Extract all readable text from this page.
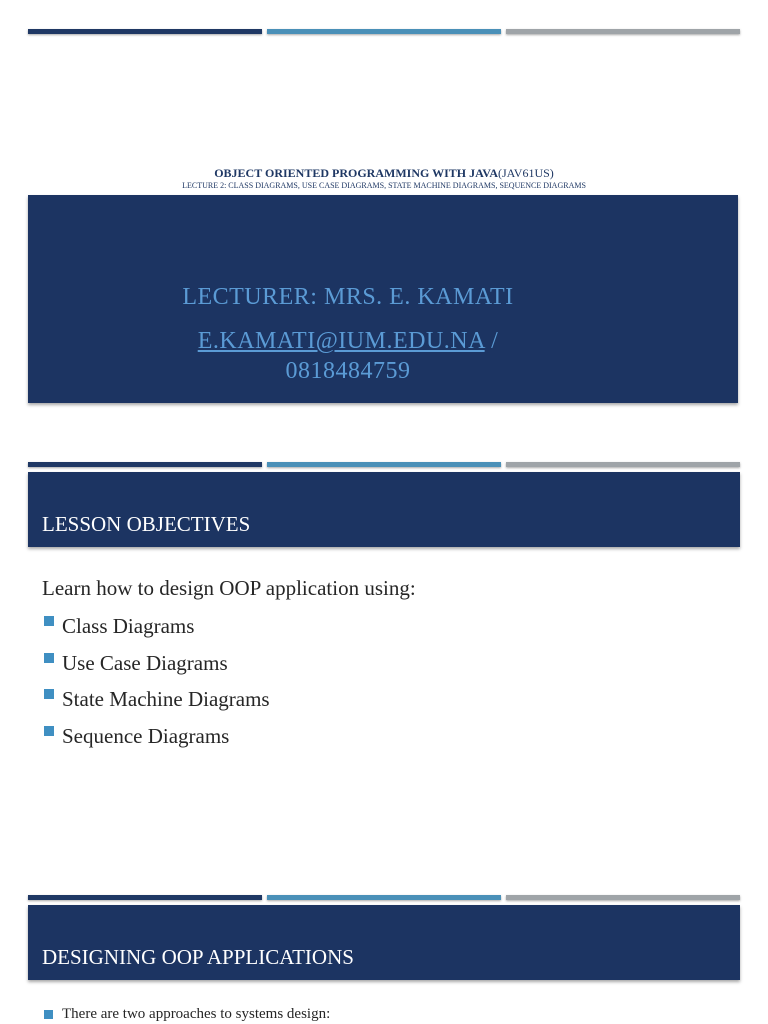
OBJECT ORIENTED PROGRAMMING WITH JAVA(JAV61US)
LECTURE 2: CLASS DIAGRAMS, USE CASE DIAGRAMS, STATE MACHINE DIAGRAMS, SEQUENCE DIAGRAMS
LECTURER: MRS. E. KAMATI
E.KAMATI@IUM.EDU.NA /
0818484759
LESSON OBJECTIVES
Learn how to design OOP application using:
Class Diagrams
Use Case Diagrams
State Machine Diagrams
Sequence Diagrams
DESIGNING OOP APPLICATIONS
There are two approaches to systems design:
